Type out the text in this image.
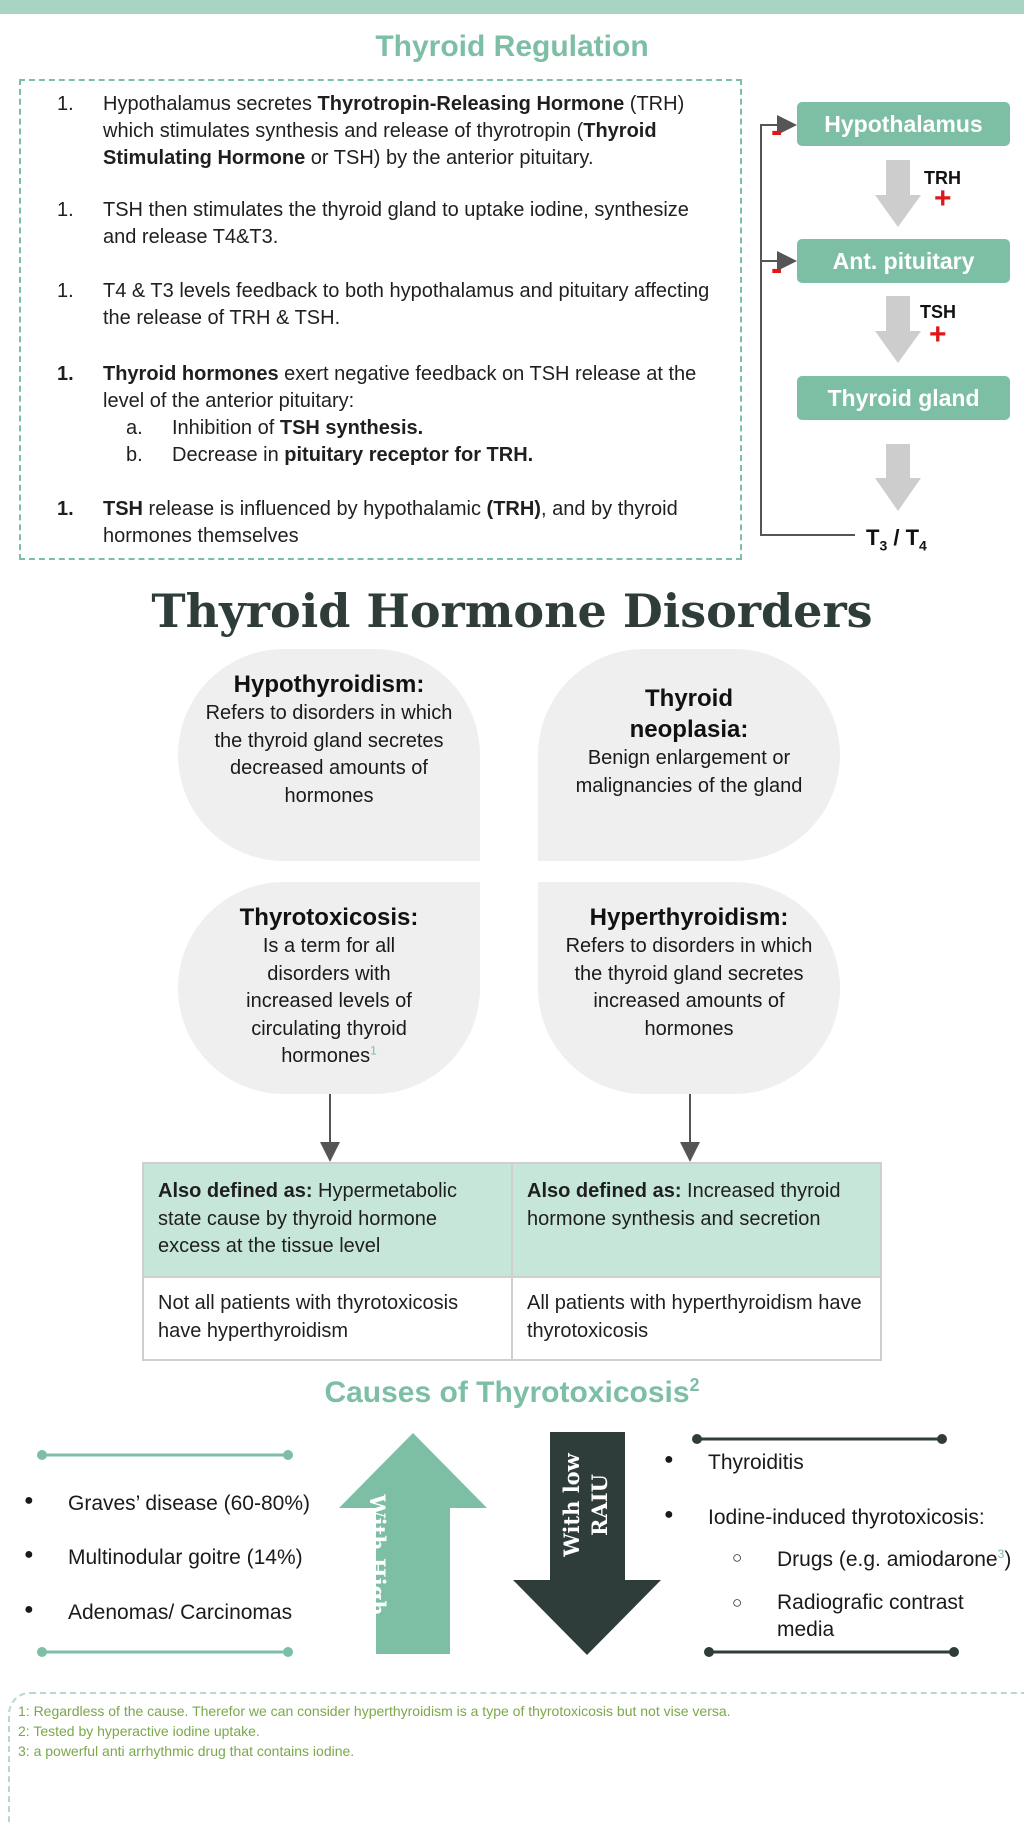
Thyroid Regulation
1. Hypothalamus secretes Thyrotropin-Releasing Hormone (TRH) which stimulates synthesis and release of thyrotropin (Thyroid Stimulating Hormone or TSH) by the anterior pituitary.
1. TSH then stimulates the thyroid gland to uptake iodine, synthesize and release T4&T3.
1. T4 & T3 levels feedback to both hypothalamus and pituitary affecting the release of TRH & TSH.
1. Thyroid hormones exert negative feedback on TSH release at the level of the anterior pituitary:
a. Inhibition of TSH synthesis.
b. Decrease in pituitary receptor for TRH.
1. TSH release is influenced by hypothalamic (TRH), and by thyroid hormones themselves
Hypothalamus
Ant. pituitary
Thyroid gland
TRH
+
TSH
+
-
-
$T_3 / T_4$
Thyroid Hormone Disorders
Hypothyroidism:
Refers to disorders in which the thyroid gland secretes decreased amounts of hormones
Thyroid neoplasia:
Benign enlargement or malignancies of the gland
Thyrotoxicosis:
Is a term for all disorders with increased levels of circulating thyroid hormones$^1$
Hyperthyroidism:
Refers to disorders in which the thyroid gland secretes increased amounts of hormones
Also defined as: Hypermetabolic state cause by thyroid hormone excess at the tissue level	Also defined as: Increased thyroid hormone synthesis and secretion
Not all patients with thyrotoxicosis have hyperthyroidism	All patients with hyperthyroidism have thyrotoxicosis
Causes of Thyrotoxicosis$^2$
With High
RAIU	With low RAIU
● Graves’ disease (60-80%)
● Multinodular goitre (14%)
● Adenomas/ Carcinomas
● Thyroiditis
● Iodine-induced thyrotoxicosis:
○ Drugs (e.g. amiodarone$^3$)
○ Radiografic contrast media
1: Regardless of the cause. Therefor we can consider hyperthyroidism is a type of thyrotoxicosis but not vise versa.
2: Tested by hyperactive iodine uptake.
3: a powerful anti arrhythmic drug that contains iodine.
